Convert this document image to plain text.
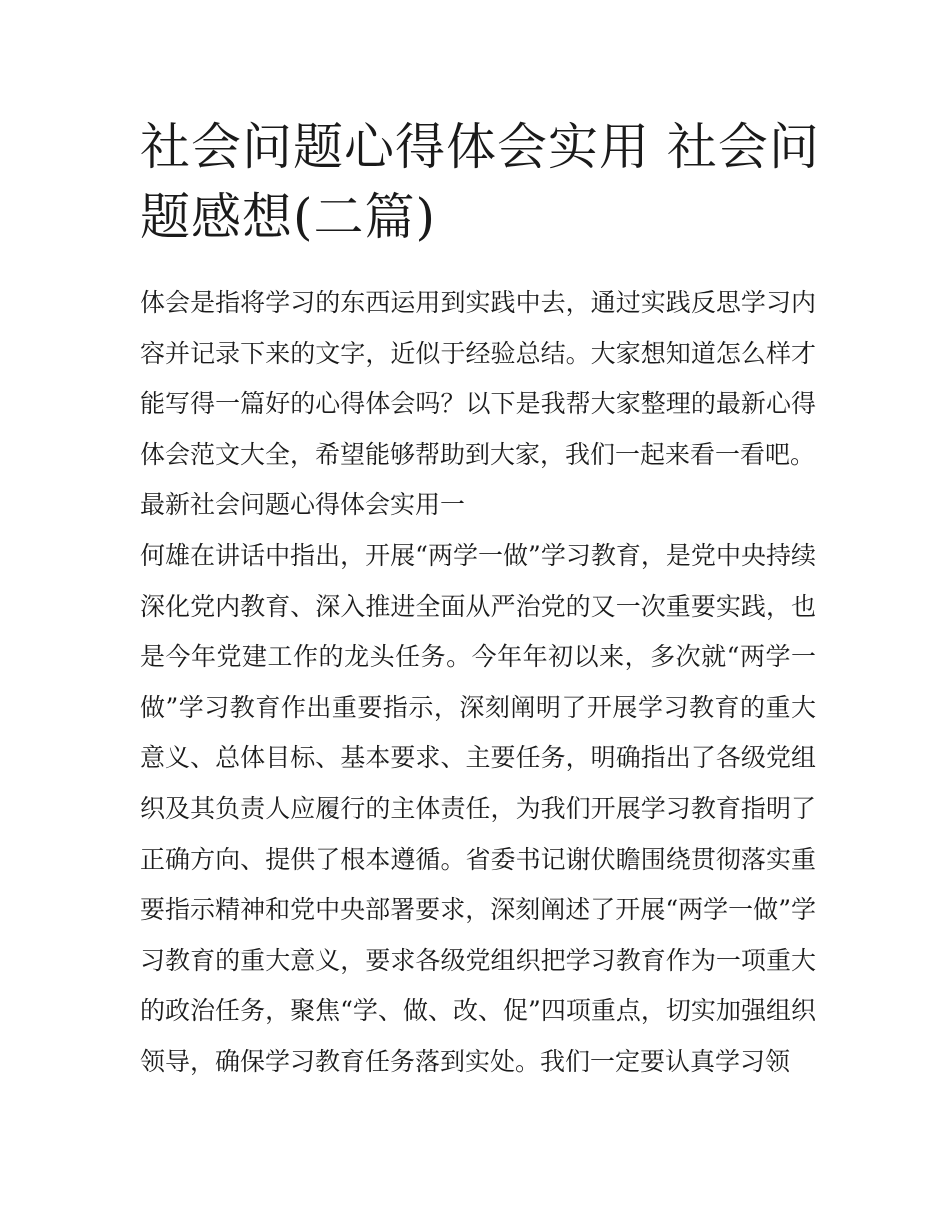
社会问题心得体会实用 社会问题感想(二篇)

体会是指将学习的东西运用到实践中去，通过实践反思学习内容并记录下来的文字，近似于经验总结。大家想知道怎么样才能写得一篇好的心得体会吗？以下是我帮大家整理的最新心得体会范文大全，希望能够帮助到大家，我们一起来看一看吧。

最新社会问题心得体会实用一

何雄在讲话中指出，开展“两学一做”学习教育，是党中央持续深化党内教育、深入推进全面从严治党的又一次重要实践，也是今年党建工作的龙头任务。今年年初以来，多次就“两学一做”学习教育作出重要指示，深刻阐明了开展学习教育的重大意义、总体目标、基本要求、主要任务，明确指出了各级党组织及其负责人应履行的主体责任，为我们开展学习教育指明了正确方向、提供了根本遵循。省委书记谢伏瞻围绕贯彻落实重要指示精神和党中央部署要求，深刻阐述了开展“两学一做”学习教育的重大意义，要求各级党组织把学习教育作为一项重大的政治任务，聚焦“学、做、改、促”四项重点，切实加强组织领导，确保学习教育任务落到实处。我们一定要认真学习领
